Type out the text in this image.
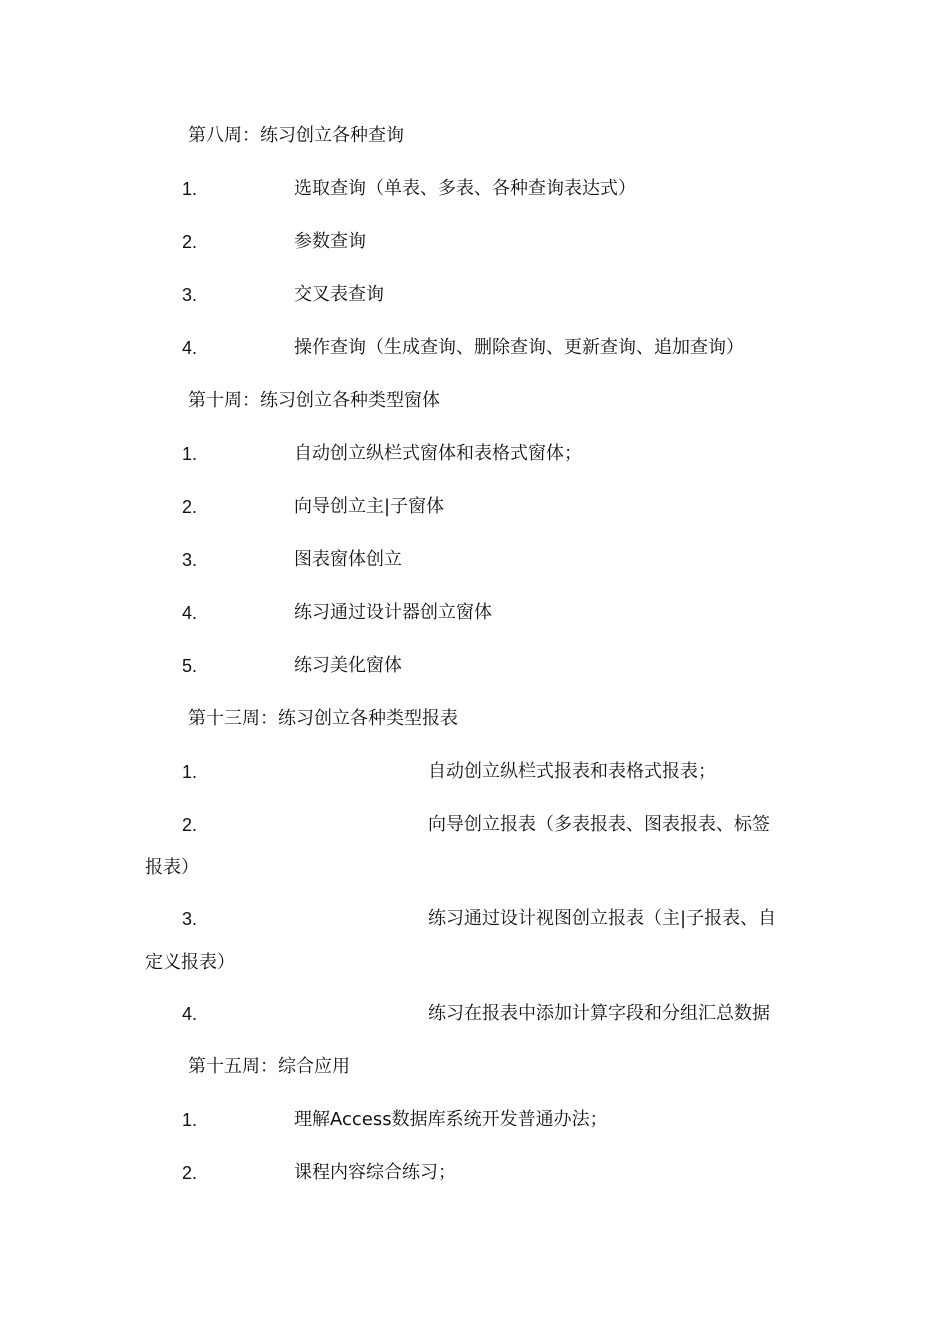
第八周：练习创立各种查询
1.	选取查询（单表、多表、各种查询表达式）
2.	参数查询
3.	交叉表查询
4.	操作查询（生成查询、删除查询、更新查询、追加查询）
第十周：练习创立各种类型窗体
1.	自动创立纵栏式窗体和表格式窗体；
2.	向导创立主|子窗体
3.	图表窗体创立
4.	练习通过设计器创立窗体
5.	练习美化窗体
第十三周：练习创立各种类型报表
1.	自动创立纵栏式报表和表格式报表；
2.	向导创立报表（多表报表、图表报表、标签
报表）
3.	练习通过设计视图创立报表（主|子报表、自
定义报表）
4.	练习在报表中添加计算字段和分组汇总数据
第十五周：综合应用
1.	理解Access数据库系统开发普通办法；
2.	课程内容综合练习；
